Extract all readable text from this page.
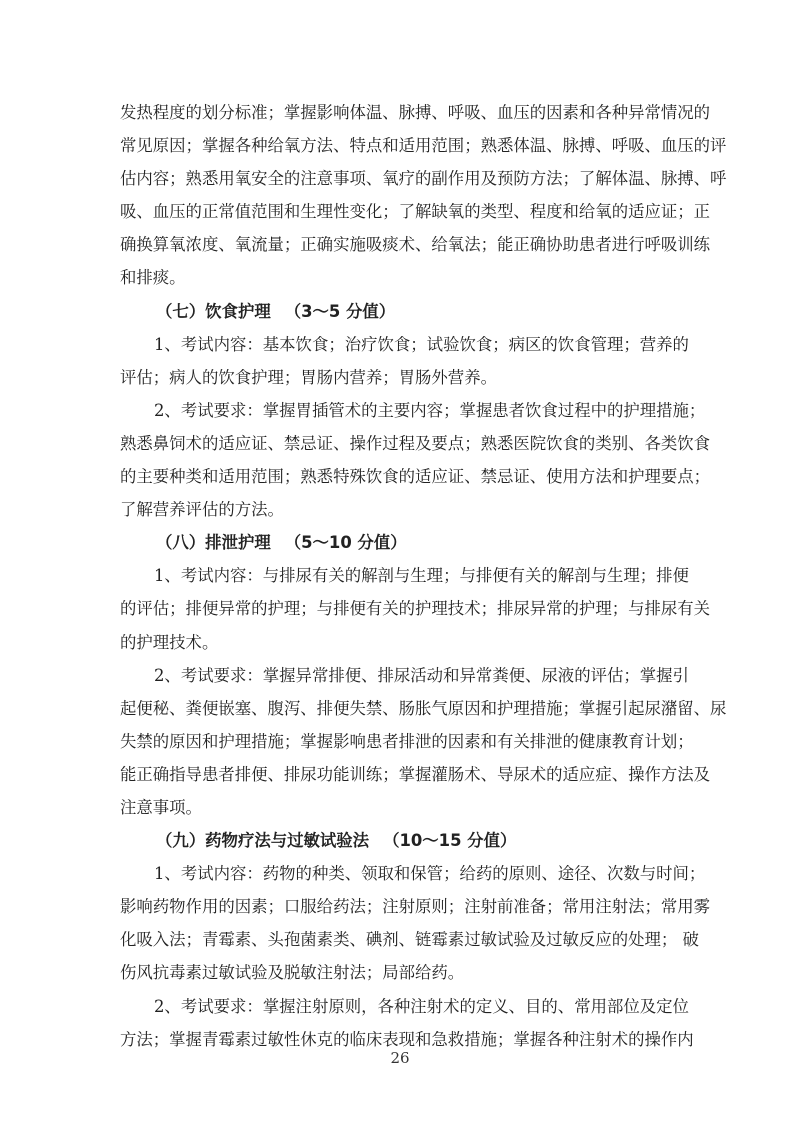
发热程度的划分标准；掌握影响体温、脉搏、呼吸、血压的因素和各种异常情况的
常见原因；掌握各种给氧方法、特点和适用范围；熟悉体温、脉搏、呼吸、血压的评
估内容；熟悉用氧安全的注意事项、氧疗的副作用及预防方法；了解体温、脉搏、呼
吸、血压的正常值范围和生理性变化；了解缺氧的类型、程度和给氧的适应证；正
确换算氧浓度、氧流量；正确实施吸痰术、给氧法；能正确协助患者进行呼吸训练
和排痰。
（七）饮食护理 （3～5 分值）
1、考试内容：基本饮食；治疗饮食；试验饮食；病区的饮食管理；营养的
评估；病人的饮食护理；胃肠内营养；胃肠外营养。
2、考试要求：掌握胃插管术的主要内容；掌握患者饮食过程中的护理措施；
熟悉鼻饲术的适应证、禁忌证、操作过程及要点；熟悉医院饮食的类别、各类饮食
的主要种类和适用范围；熟悉特殊饮食的适应证、禁忌证、使用方法和护理要点；
了解营养评估的方法。
（八）排泄护理 （5～10 分值）
1、考试内容：与排尿有关的解剖与生理；与排便有关的解剖与生理；排便
的评估；排便异常的护理；与排便有关的护理技术；排尿异常的护理；与排尿有关
的护理技术。
2、考试要求：掌握异常排便、排尿活动和异常粪便、尿液的评估；掌握引
起便秘、粪便嵌塞、腹泻、排便失禁、肠胀气原因和护理措施；掌握引起尿潴留、尿
失禁的原因和护理措施；掌握影响患者排泄的因素和有关排泄的健康教育计划；
能正确指导患者排便、排尿功能训练；掌握灌肠术、导尿术的适应症、操作方法及
注意事项。
（九）药物疗法与过敏试验法 （10～15 分值）
1、考试内容：药物的种类、领取和保管；给药的原则、途径、次数与时间；
影响药物作用的因素；口服给药法；注射原则；注射前准备；常用注射法；常用雾
化吸入法；青霉素、头孢菌素类、碘剂、链霉素过敏试验及过敏反应的处理； 破
伤风抗毒素过敏试验及脱敏注射法；局部给药。
2、考试要求：掌握注射原则，各种注射术的定义、目的、常用部位及定位
方法；掌握青霉素过敏性休克的临床表现和急救措施；掌握各种注射术的操作内
26
